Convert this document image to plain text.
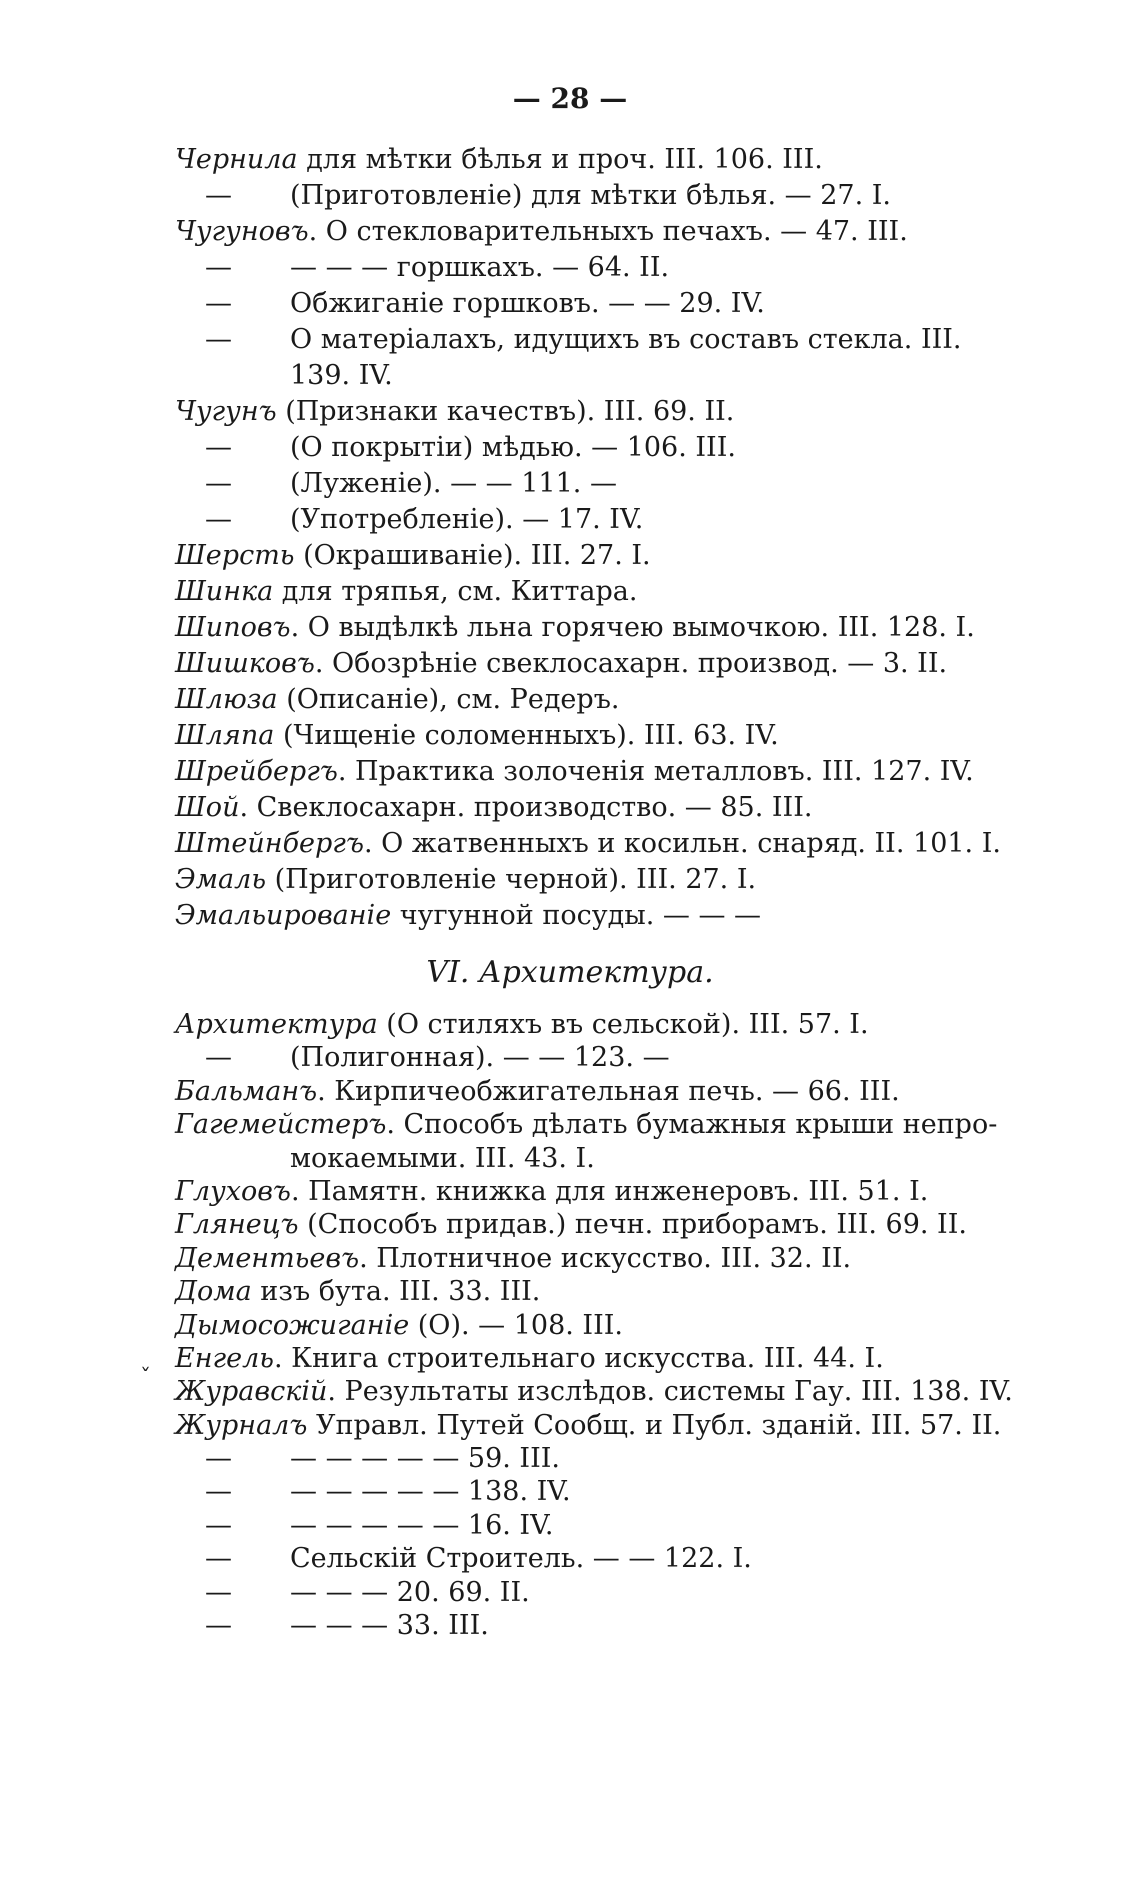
— 28 —
Чернила для мѣтки бѣлья и проч. III. 106. III.
— (Приготовленіе) для мѣтки бѣлья. — 27. I.
Чугуновъ. О стекловарительныхъ печахъ. — 47. III.
— — — — горшкахъ. — 64. II.
— Обжиганіе горшковъ. — — 29. IV.
— О матеріалахъ, идущихъ въ составъ стекла. III.
139. IV.
Чугунъ (Признаки качествъ). III. 69. II.
— (О покрытіи) мѣдью. — 106. III.
— (Луженіе). — — 111. —
— (Употребленіе). — 17. IV.
Шерсть (Окрашиваніе). III. 27. I.
Шинка для тряпья, см. Киттара.
Шиповъ. О выдѣлкѣ льна горячею вымочкою. III. 128. I.
Шишковъ. Обозрѣніе свеклосахарн. производ. — 3. II.
Шлюза (Описаніе), см. Редеръ.
Шляпа (Чищеніе соломенныхъ). III. 63. IV.
Шрейбергъ. Практика золоченія металловъ. III. 127. IV.
Шой. Свеклосахарн. производство. — 85. III.
Штейнбергъ. О жатвенныхъ и косильн. снаряд. II. 101. I.
Эмаль (Приготовленіе черной). III. 27. I.
Эмальированіе чугунной посуды. — — —
VI. Архитектура.
Архитектура (О стиляхъ въ сельской). III. 57. I.
— (Полигонная). — — 123. —
Бальманъ. Кирпичеобжигательная печь. — 66. III.
Гагемейстеръ. Способъ дѣлать бумажныя крыши непро-
мокаемыми. III. 43. I.
Глуховъ. Памятн. книжка для инженеровъ. III. 51. I.
Глянецъ (Способъ придав.) печн. приборамъ. III. 69. II.
Дементьевъ. Плотничное искусство. III. 32. II.
Дома изъ бута. III. 33. III.
Дымосожиганіе (О). — 108. III.
Енгель. Книга строительнаго искусства. III. 44. I.
Журавскій. Результаты изслѣдов. системы Гау. III. 138. IV.
Журналъ Управл. Путей Сообщ. и Публ. зданій. III. 57. II.
— — — — — — 59. III.
— — — — — — 138. IV.
— — — — — — 16. IV.
— Сельскій Строитель. — — 122. I.
— — — — 20. 69. II.
— — — — 33. III.
ˇ
